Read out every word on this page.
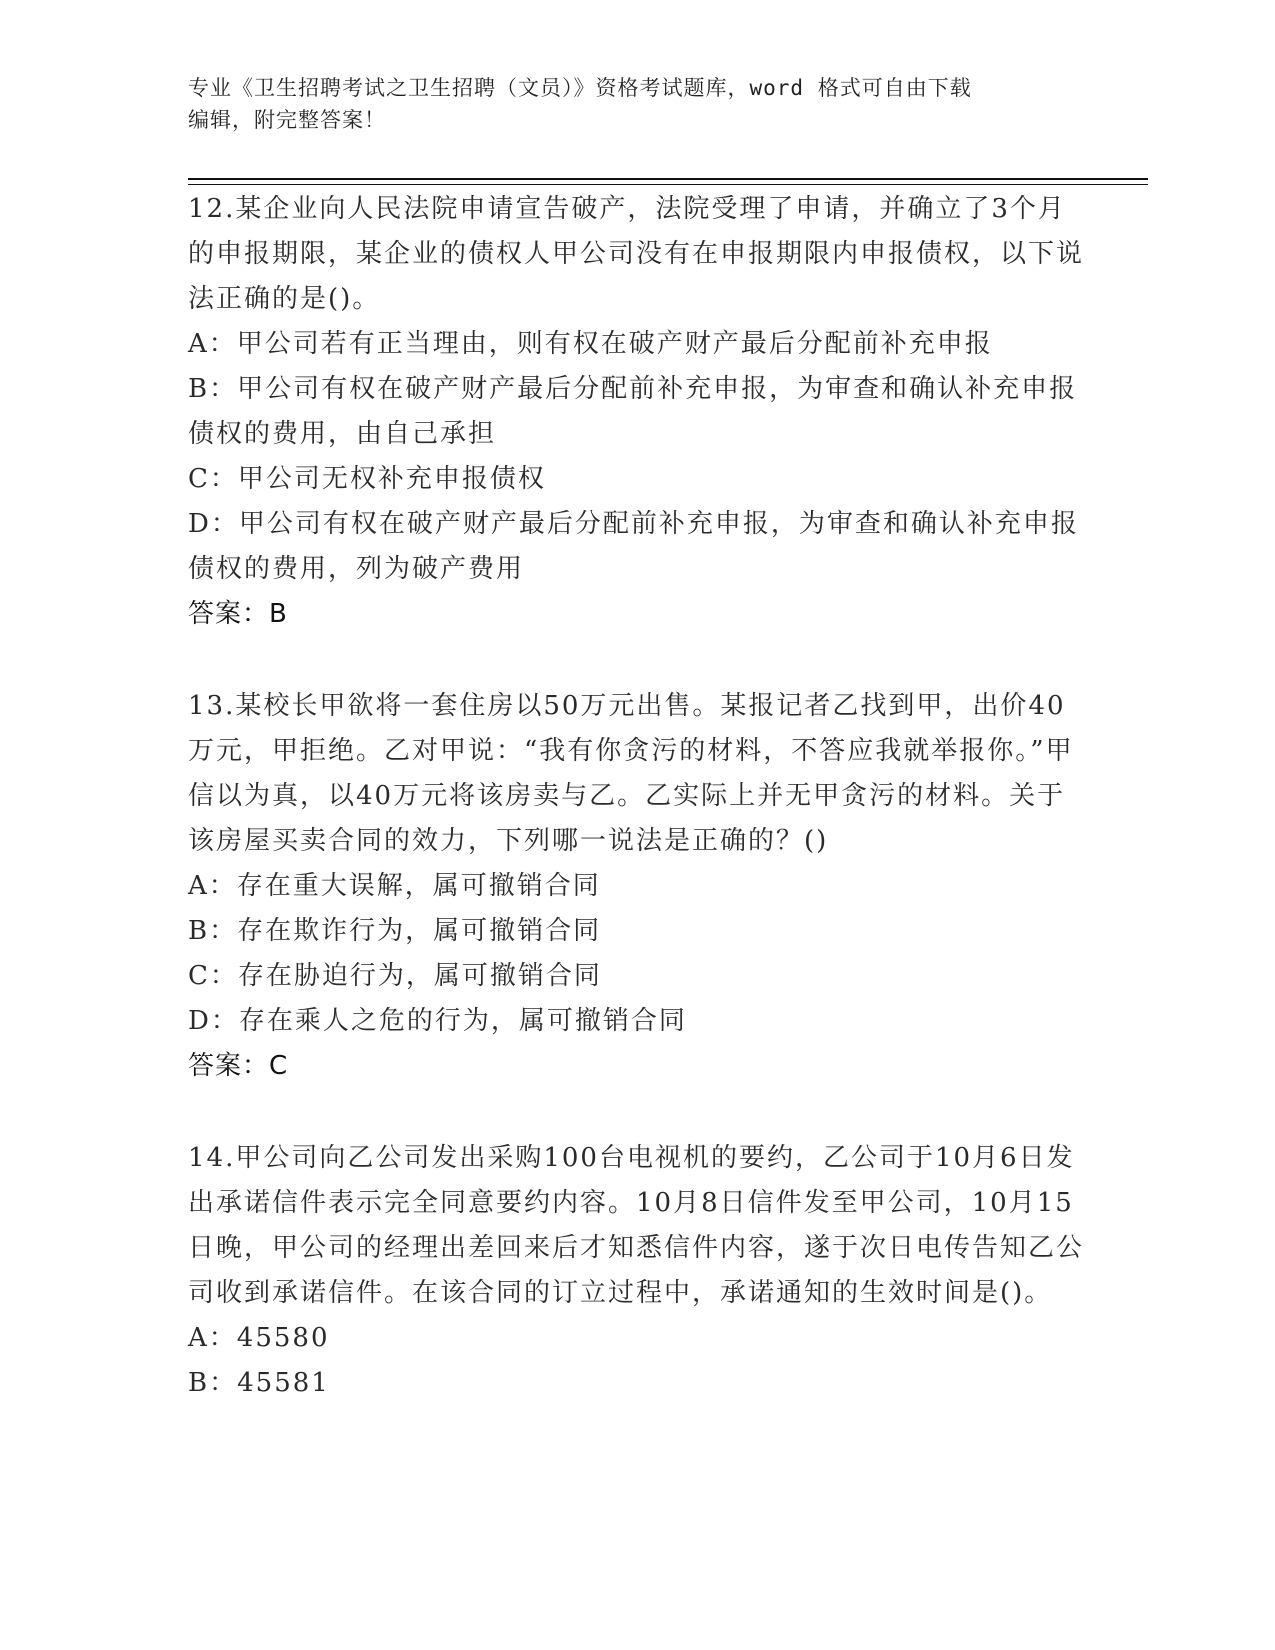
专业《卫生招聘考试之卫生招聘（文员）》资格考试题库，word 格式可自由下载
编辑，附完整答案！

12.某企业向人民法院申请宣告破产，法院受理了申请，并确立了3个月的申报期限，某企业的债权人甲公司没有在申报期限内申报债权，以下说法正确的是()。

A：甲公司若有正当理由，则有权在破产财产最后分配前补充申报

B：甲公司有权在破产财产最后分配前补充申报，为审查和确认补充申报债权的费用，由自己承担

C：甲公司无权补充申报债权

D：甲公司有权在破产财产最后分配前补充申报，为审查和确认补充申报债权的费用，列为破产费用

答案：B

13.某校长甲欲将一套住房以50万元出售。某报记者乙找到甲，出价40万元，甲拒绝。乙对甲说：“我有你贪污的材料，不答应我就举报你。”甲信以为真，以40万元将该房卖与乙。乙实际上并无甲贪污的材料。关于该房屋买卖合同的效力，下列哪一说法是正确的？()

A：存在重大误解，属可撤销合同

B：存在欺诈行为，属可撤销合同

C：存在胁迫行为，属可撤销合同

D：存在乘人之危的行为，属可撤销合同

答案：C

14.甲公司向乙公司发出采购100台电视机的要约，乙公司于10月6日发出承诺信件表示完全同意要约内容。10月8日信件发至甲公司，10月15日晚，甲公司的经理出差回来后才知悉信件内容，遂于次日电传告知乙公司收到承诺信件。在该合同的订立过程中，承诺通知的生效时间是()。

A：45580

B：45581
